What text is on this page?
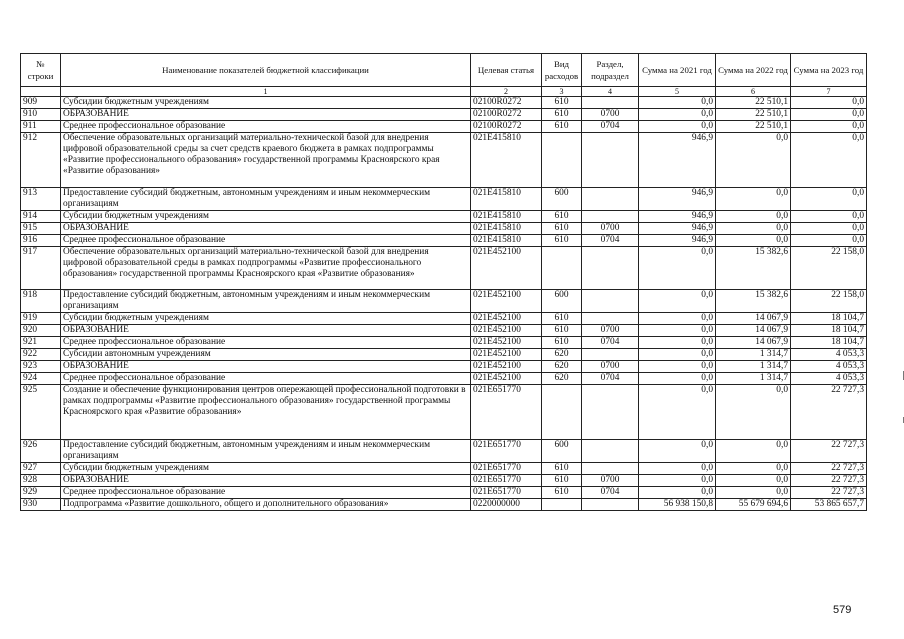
№ строки	Наименование показателей бюджетной классификации	Целевая статья	Вид расходов	Раздел, подраздел	Сумма на 2021 год	Сумма на 2022 год	Сумма на 2023 год
	1	2	3	4	5	6	7
909	Субсидии бюджетным учреждениям	02100R0272	610		0,0	22 510,1	0,0
910	ОБРАЗОВАНИЕ	02100R0272	610	0700	0,0	22 510,1	0,0
911	Среднее профессиональное образование	02100R0272	610	0704	0,0	22 510,1	0,0
912	Обеспечение образовательных организаций материально-технической базой для внедрения цифровой образовательной среды за счет средств краевого бюджета в рамках подпрограммы «Развитие профессионального образования» государственной программы Красноярского края «Развитие образования»	021E415810			946,9	0,0	0,0
913	Предоставление субсидий бюджетным, автономным учреждениям и иным некоммерческим организациям	021E415810	600		946,9	0,0	0,0
914	Субсидии бюджетным учреждениям	021E415810	610		946,9	0,0	0,0
915	ОБРАЗОВАНИЕ	021E415810	610	0700	946,9	0,0	0,0
916	Среднее профессиональное образование	021E415810	610	0704	946,9	0,0	0,0
917	Обеспечение образовательных организаций материально-технической базой для внедрения цифровой образовательной среды в рамках подпрограммы «Развитие профессионального образования» государственной программы Красноярского края «Развитие образования»	021E452100			0,0	15 382,6	22 158,0
918	Предоставление субсидий бюджетным, автономным учреждениям и иным некоммерческим организациям	021E452100	600		0,0	15 382,6	22 158,0
919	Субсидии бюджетным учреждениям	021E452100	610		0,0	14 067,9	18 104,7
920	ОБРАЗОВАНИЕ	021E452100	610	0700	0,0	14 067,9	18 104,7
921	Среднее профессиональное образование	021E452100	610	0704	0,0	14 067,9	18 104,7
922	Субсидии автономным учреждениям	021E452100	620		0,0	1 314,7	4 053,3
923	ОБРАЗОВАНИЕ	021E452100	620	0700	0,0	1 314,7	4 053,3
924	Среднее профессиональное образование	021E452100	620	0704	0,0	1 314,7	4 053,3
925	Создание и обеспечение функционирования центров опережающей профессиональной подготовки в рамках подпрограммы «Развитие профессионального образования» государственной программы Красноярского края «Развитие образования»	021E651770			0,0	0,0	22 727,3
926	Предоставление субсидий бюджетным, автономным учреждениям и иным некоммерческим организациям	021E651770	600		0,0	0,0	22 727,3
927	Субсидии бюджетным учреждениям	021E651770	610		0,0	0,0	22 727,3
928	ОБРАЗОВАНИЕ	021E651770	610	0700	0,0	0,0	22 727,3
929	Среднее профессиональное образование	021E651770	610	0704	0,0	0,0	22 727,3
930	Подпрограмма «Развитие дошкольного, общего и дополнительного образования»	0220000000			56 938 150,8	55 679 694,6	53 865 657,7
579
